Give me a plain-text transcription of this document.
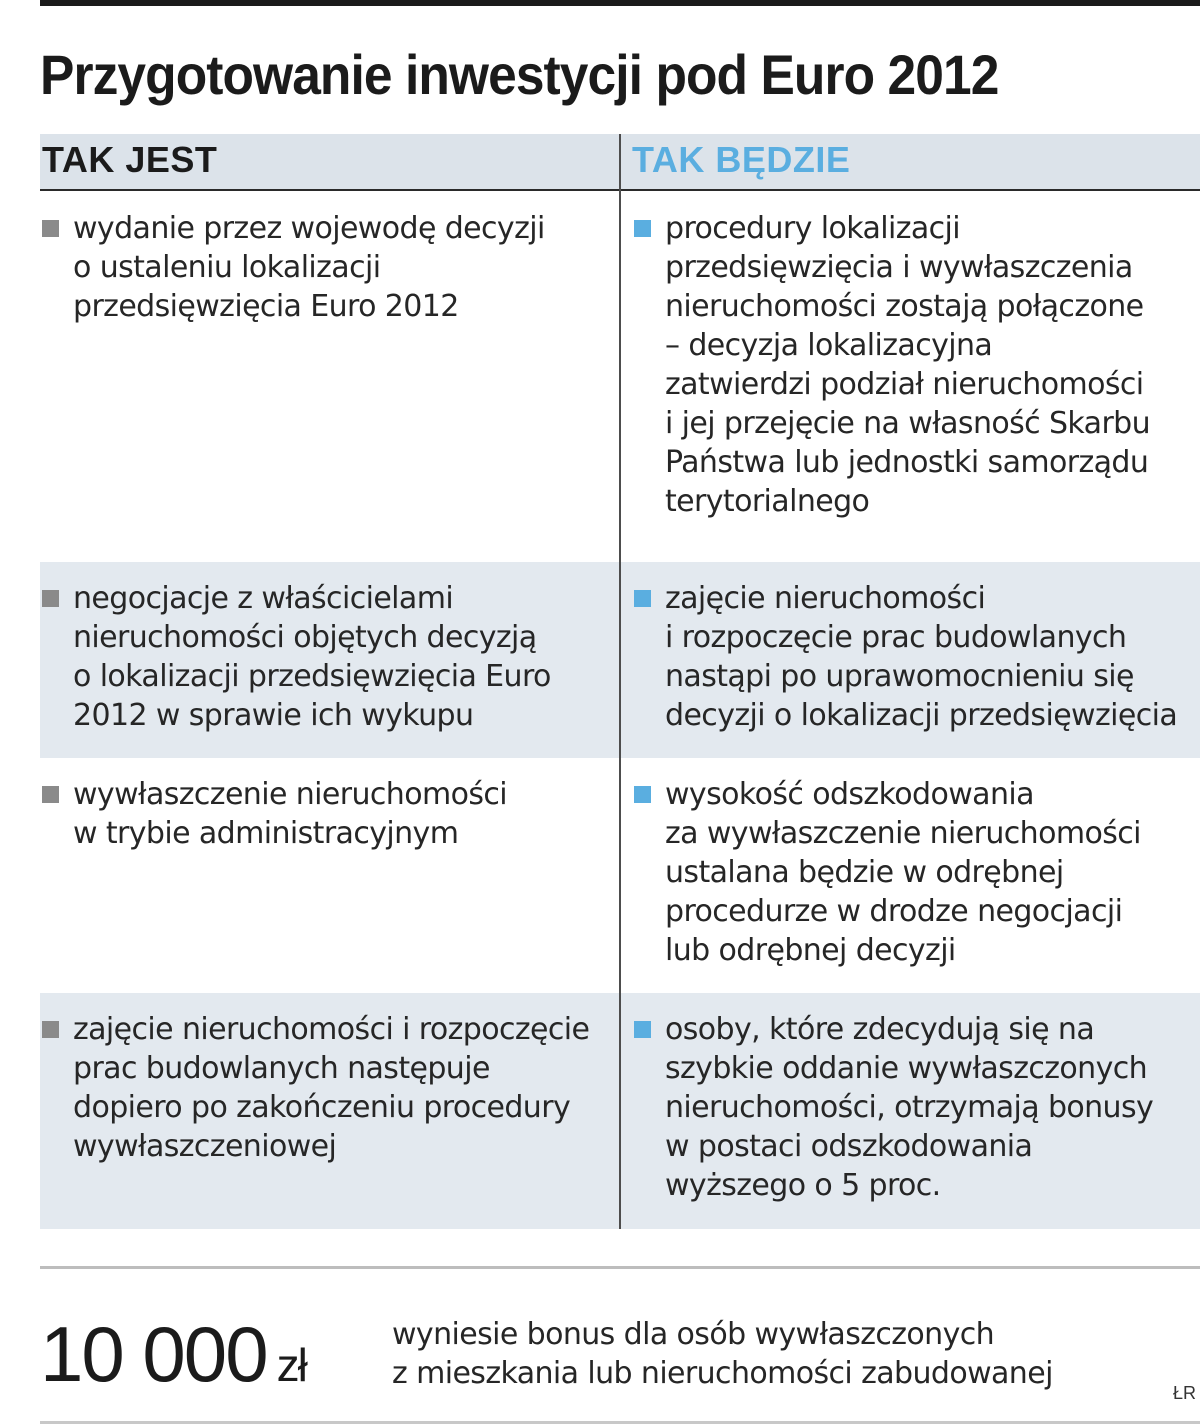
Przygotowanie inwestycji pod Euro 2012
TAK JEST	TAK BĘDZIE
wydanie przez wojewodę decyzji
o ustaleniu lokalizacji
przedsięwzięcia Euro 2012
procedury lokalizacji
przedsięwzięcia i wywłaszczenia
nieruchomości zostają połączone
– decyzja lokalizacyjna
zatwierdzi podział nieruchomości
i jej przejęcie na własność Skarbu
Państwa lub jednostki samorządu
terytorialnego
negocjacje z właścicielami
nieruchomości objętych decyzją
o lokalizacji przedsięwzięcia Euro
2012 w sprawie ich wykupu
zajęcie nieruchomości
i rozpoczęcie prac budowlanych
nastąpi po uprawomocnieniu się
decyzji o lokalizacji przedsięwzięcia
wywłaszczenie nieruchomości
w trybie administracyjnym
wysokość odszkodowania
za wywłaszczenie nieruchomości
ustalana będzie w odrębnej
procedurze w drodze negocjacji
lub odrębnej decyzji
zajęcie nieruchomości i rozpoczęcie
prac budowlanych następuje
dopiero po zakończeniu procedury
wywłaszczeniowej
osoby, które zdecydują się na
szybkie oddanie wywłaszczonych
nieruchomości, otrzymają bonusy
w postaci odszkodowania
wyższego o 5 proc.
10 000 zł
wyniesie bonus dla osób wywłaszczonych
z mieszkania lub nieruchomości zabudowanej
ŁR
